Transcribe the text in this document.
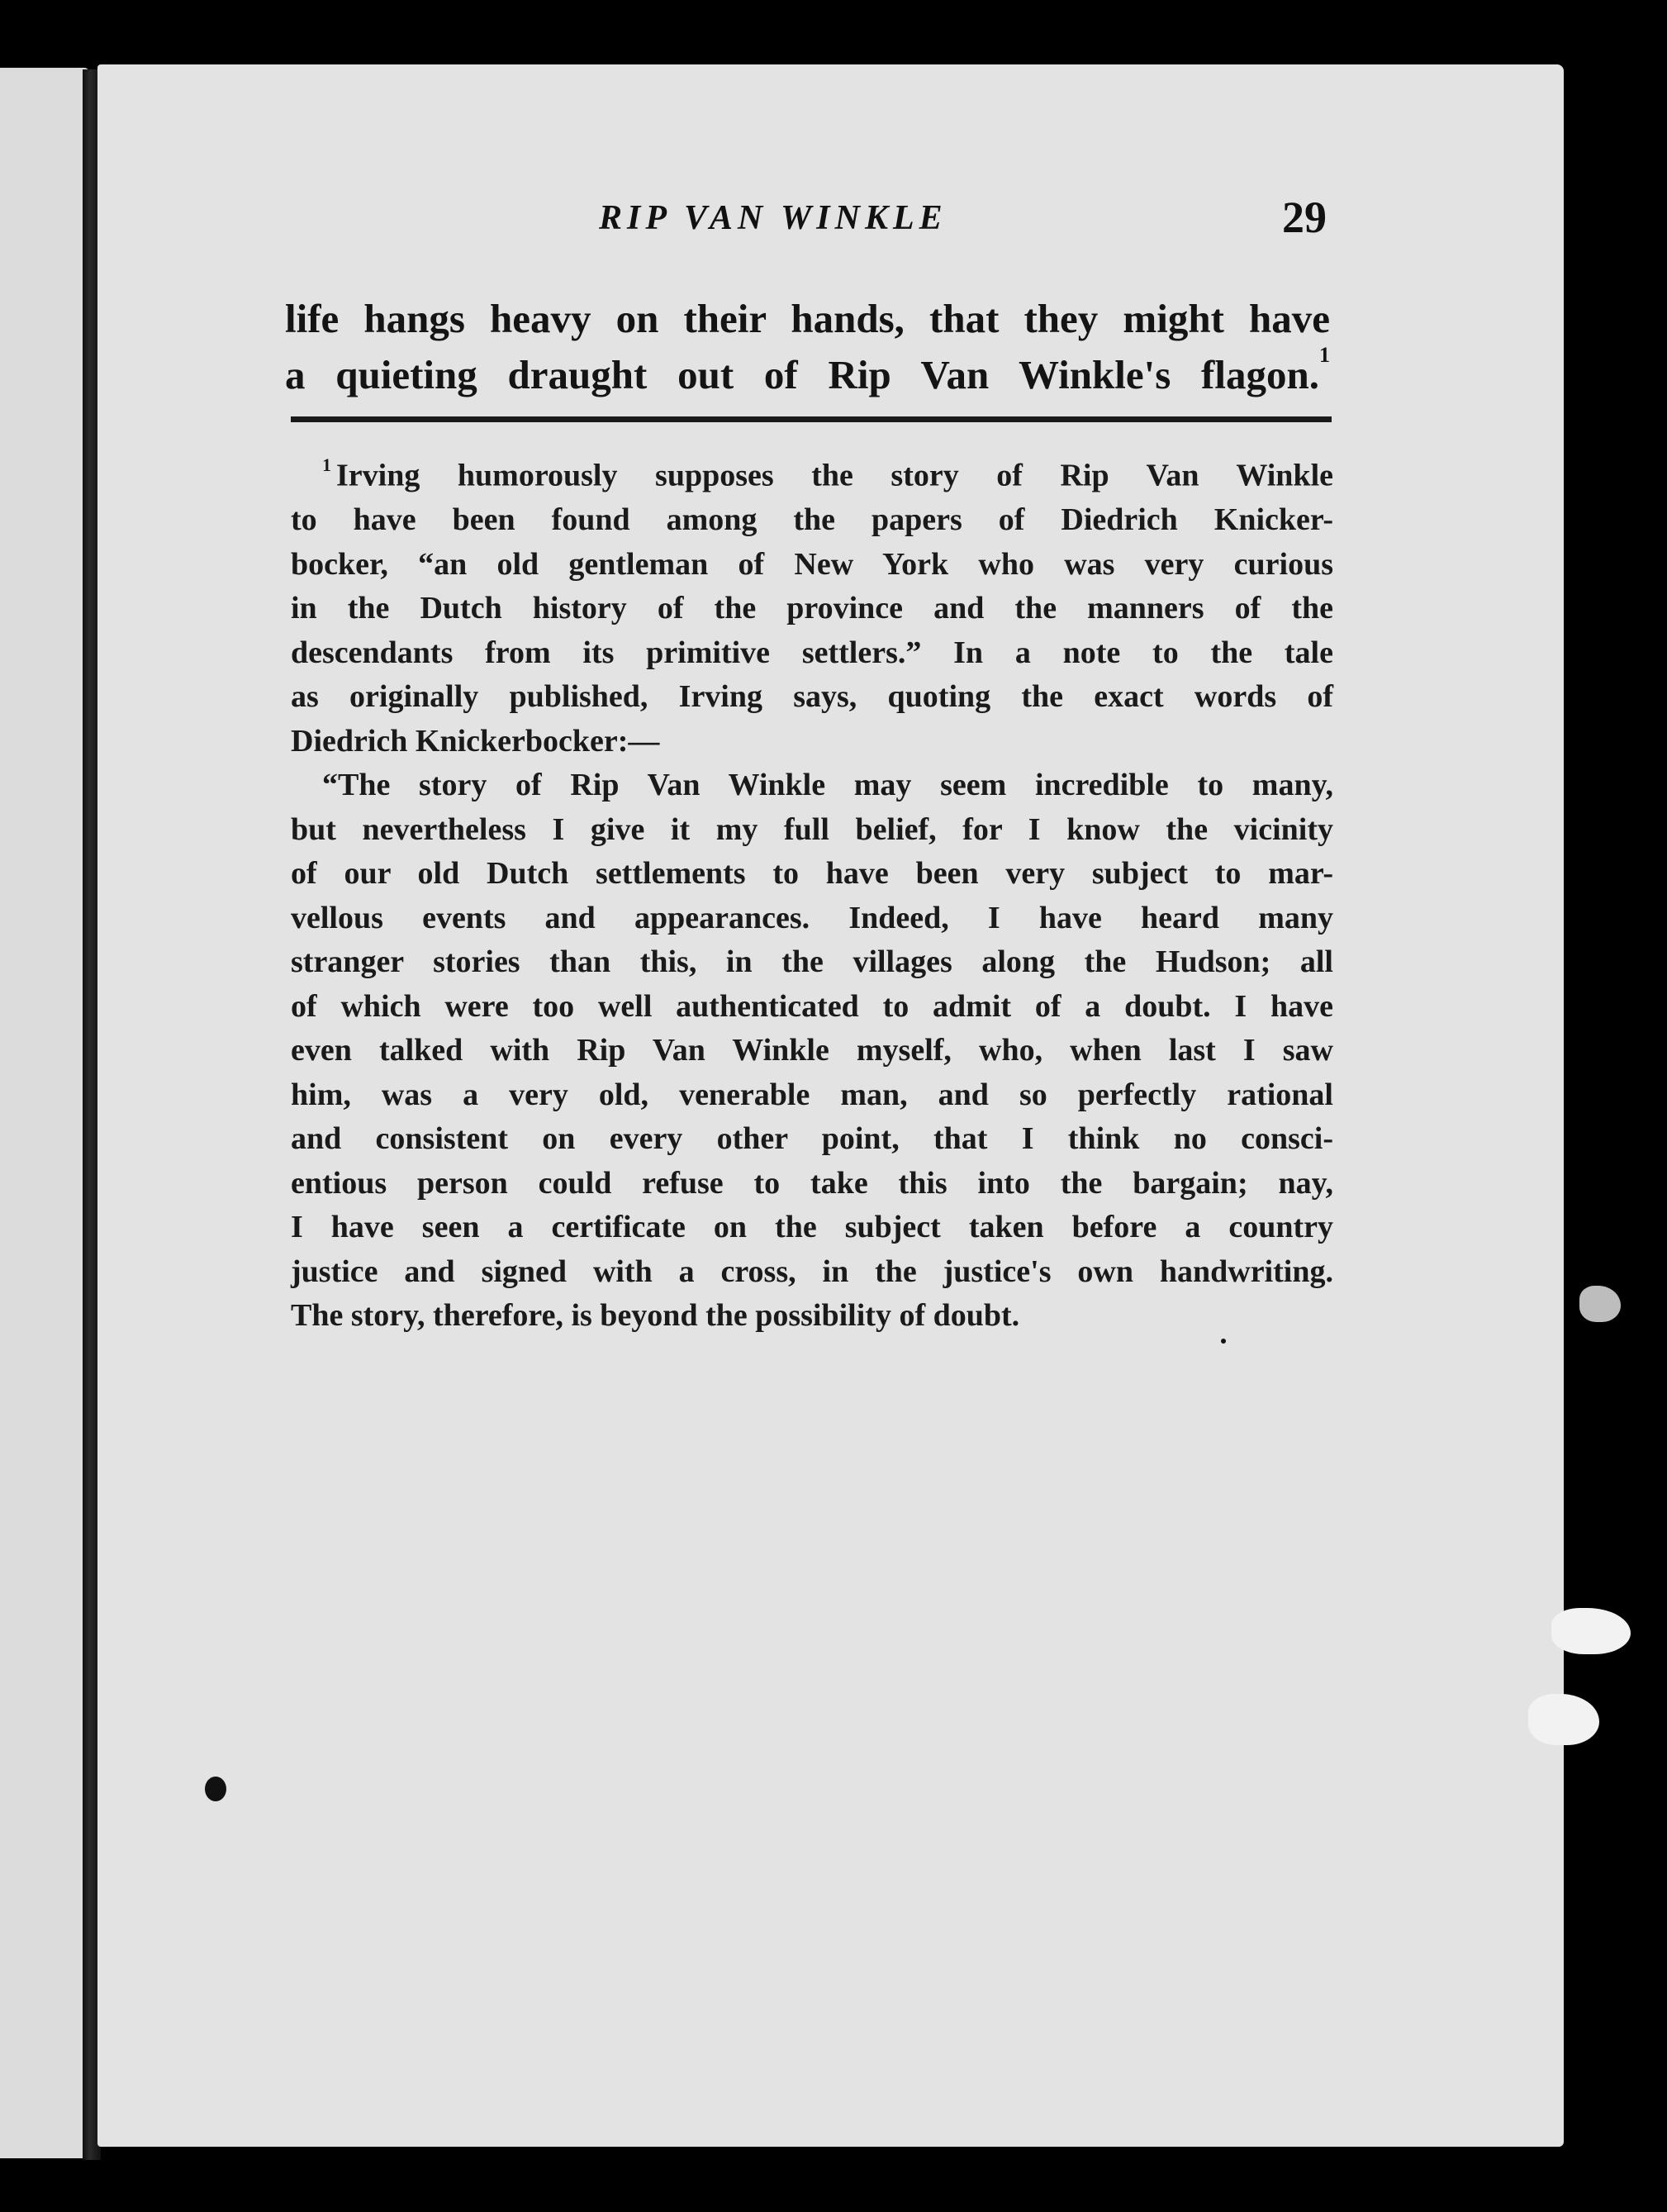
RIP VAN WINKLE	29
life hangs heavy on their hands, that they might have
a quieting draught out of Rip Van Winkle's flagon.$^1$
$^1$ Irving humorously supposes the story of Rip Van Winkle
to have been found among the papers of Diedrich Knicker-
bocker, “an old gentleman of New York who was very curious
in the Dutch history of the province and the manners of the
descendants from its primitive settlers.” In a note to the tale
as originally published, Irving says, quoting the exact words of
Diedrich Knickerbocker:—
“The story of Rip Van Winkle may seem incredible to many,
but nevertheless I give it my full belief, for I know the vicinity
of our old Dutch settlements to have been very subject to mar-
vellous events and appearances. Indeed, I have heard many
stranger stories than this, in the villages along the Hudson; all
of which were too well authenticated to admit of a doubt. I have
even talked with Rip Van Winkle myself, who, when last I saw
him, was a very old, venerable man, and so perfectly rational
and consistent on every other point, that I think no consci-
entious person could refuse to take this into the bargain; nay,
I have seen a certificate on the subject taken before a country
justice and signed with a cross, in the justice's own handwriting.
The story, therefore, is beyond the possibility of doubt.
